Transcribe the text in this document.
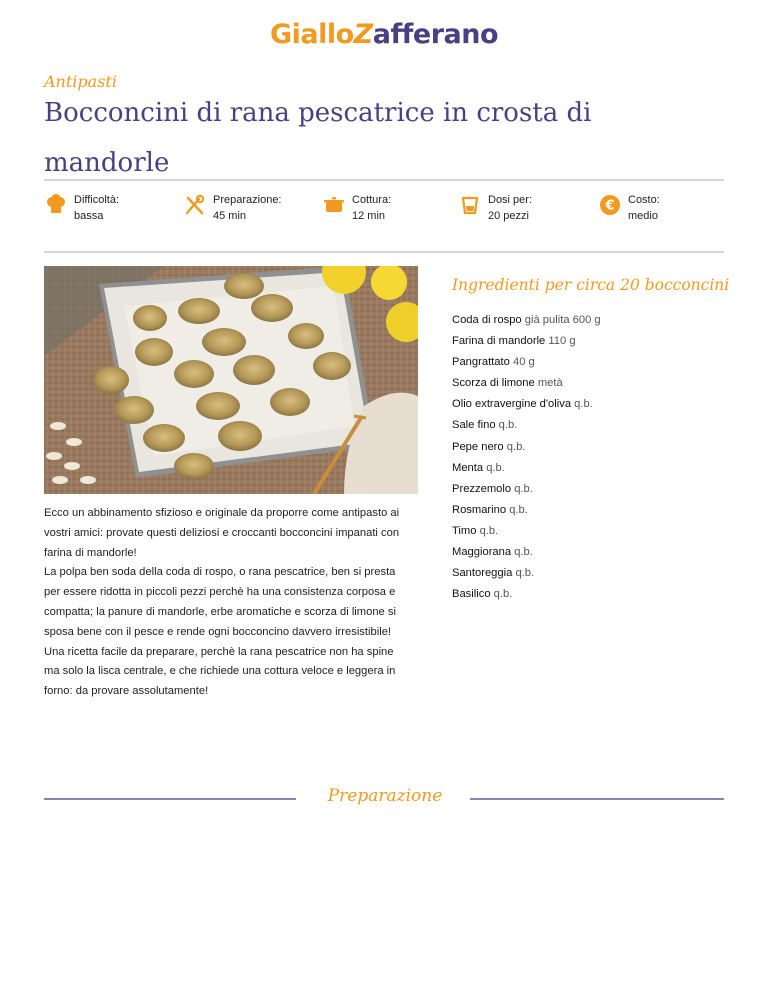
GialloZafferano
Antipasti
Bocconcini di rana pescatrice in crosta di mandorle
Difficoltà:
bassa
Preparazione:
45 min
Cottura:
12 min
Dosi per:
20 pezzi
€ Costo:
medio

Ecco un abbinamento sfizioso e originale da proporre come antipasto ai vostri amici: provate questi deliziosi e croccanti bocconcini impanati con farina di mandorle!

La polpa ben soda della coda di rospo, o rana pescatrice, ben si presta per essere ridotta in piccoli pezzi perchè ha una consistenza corposa e compatta; la panure di mandorle, erbe aromatiche e scorza di limone si sposa bene con il pesce e rende ogni bocconcino davvero irresistibile!

Una ricetta facile da preparare, perchè la rana pescatrice non ha spine ma solo la lisca centrale, e che richiede una cottura veloce e leggera in forno: da provare assolutamente!

Ingredienti per circa 20 bocconcini
Coda di rospo già pulita 600 g
Farina di mandorle 110 g
Pangrattato 40 g
Scorza di limone metà
Olio extravergine d'oliva q.b.
Sale fino q.b.
Pepe nero q.b.
Menta q.b.
Prezzemolo q.b.
Rosmarino q.b.
Timo q.b.
Maggiorana q.b.
Santoreggia q.b.
Basilico q.b.
Preparazione
